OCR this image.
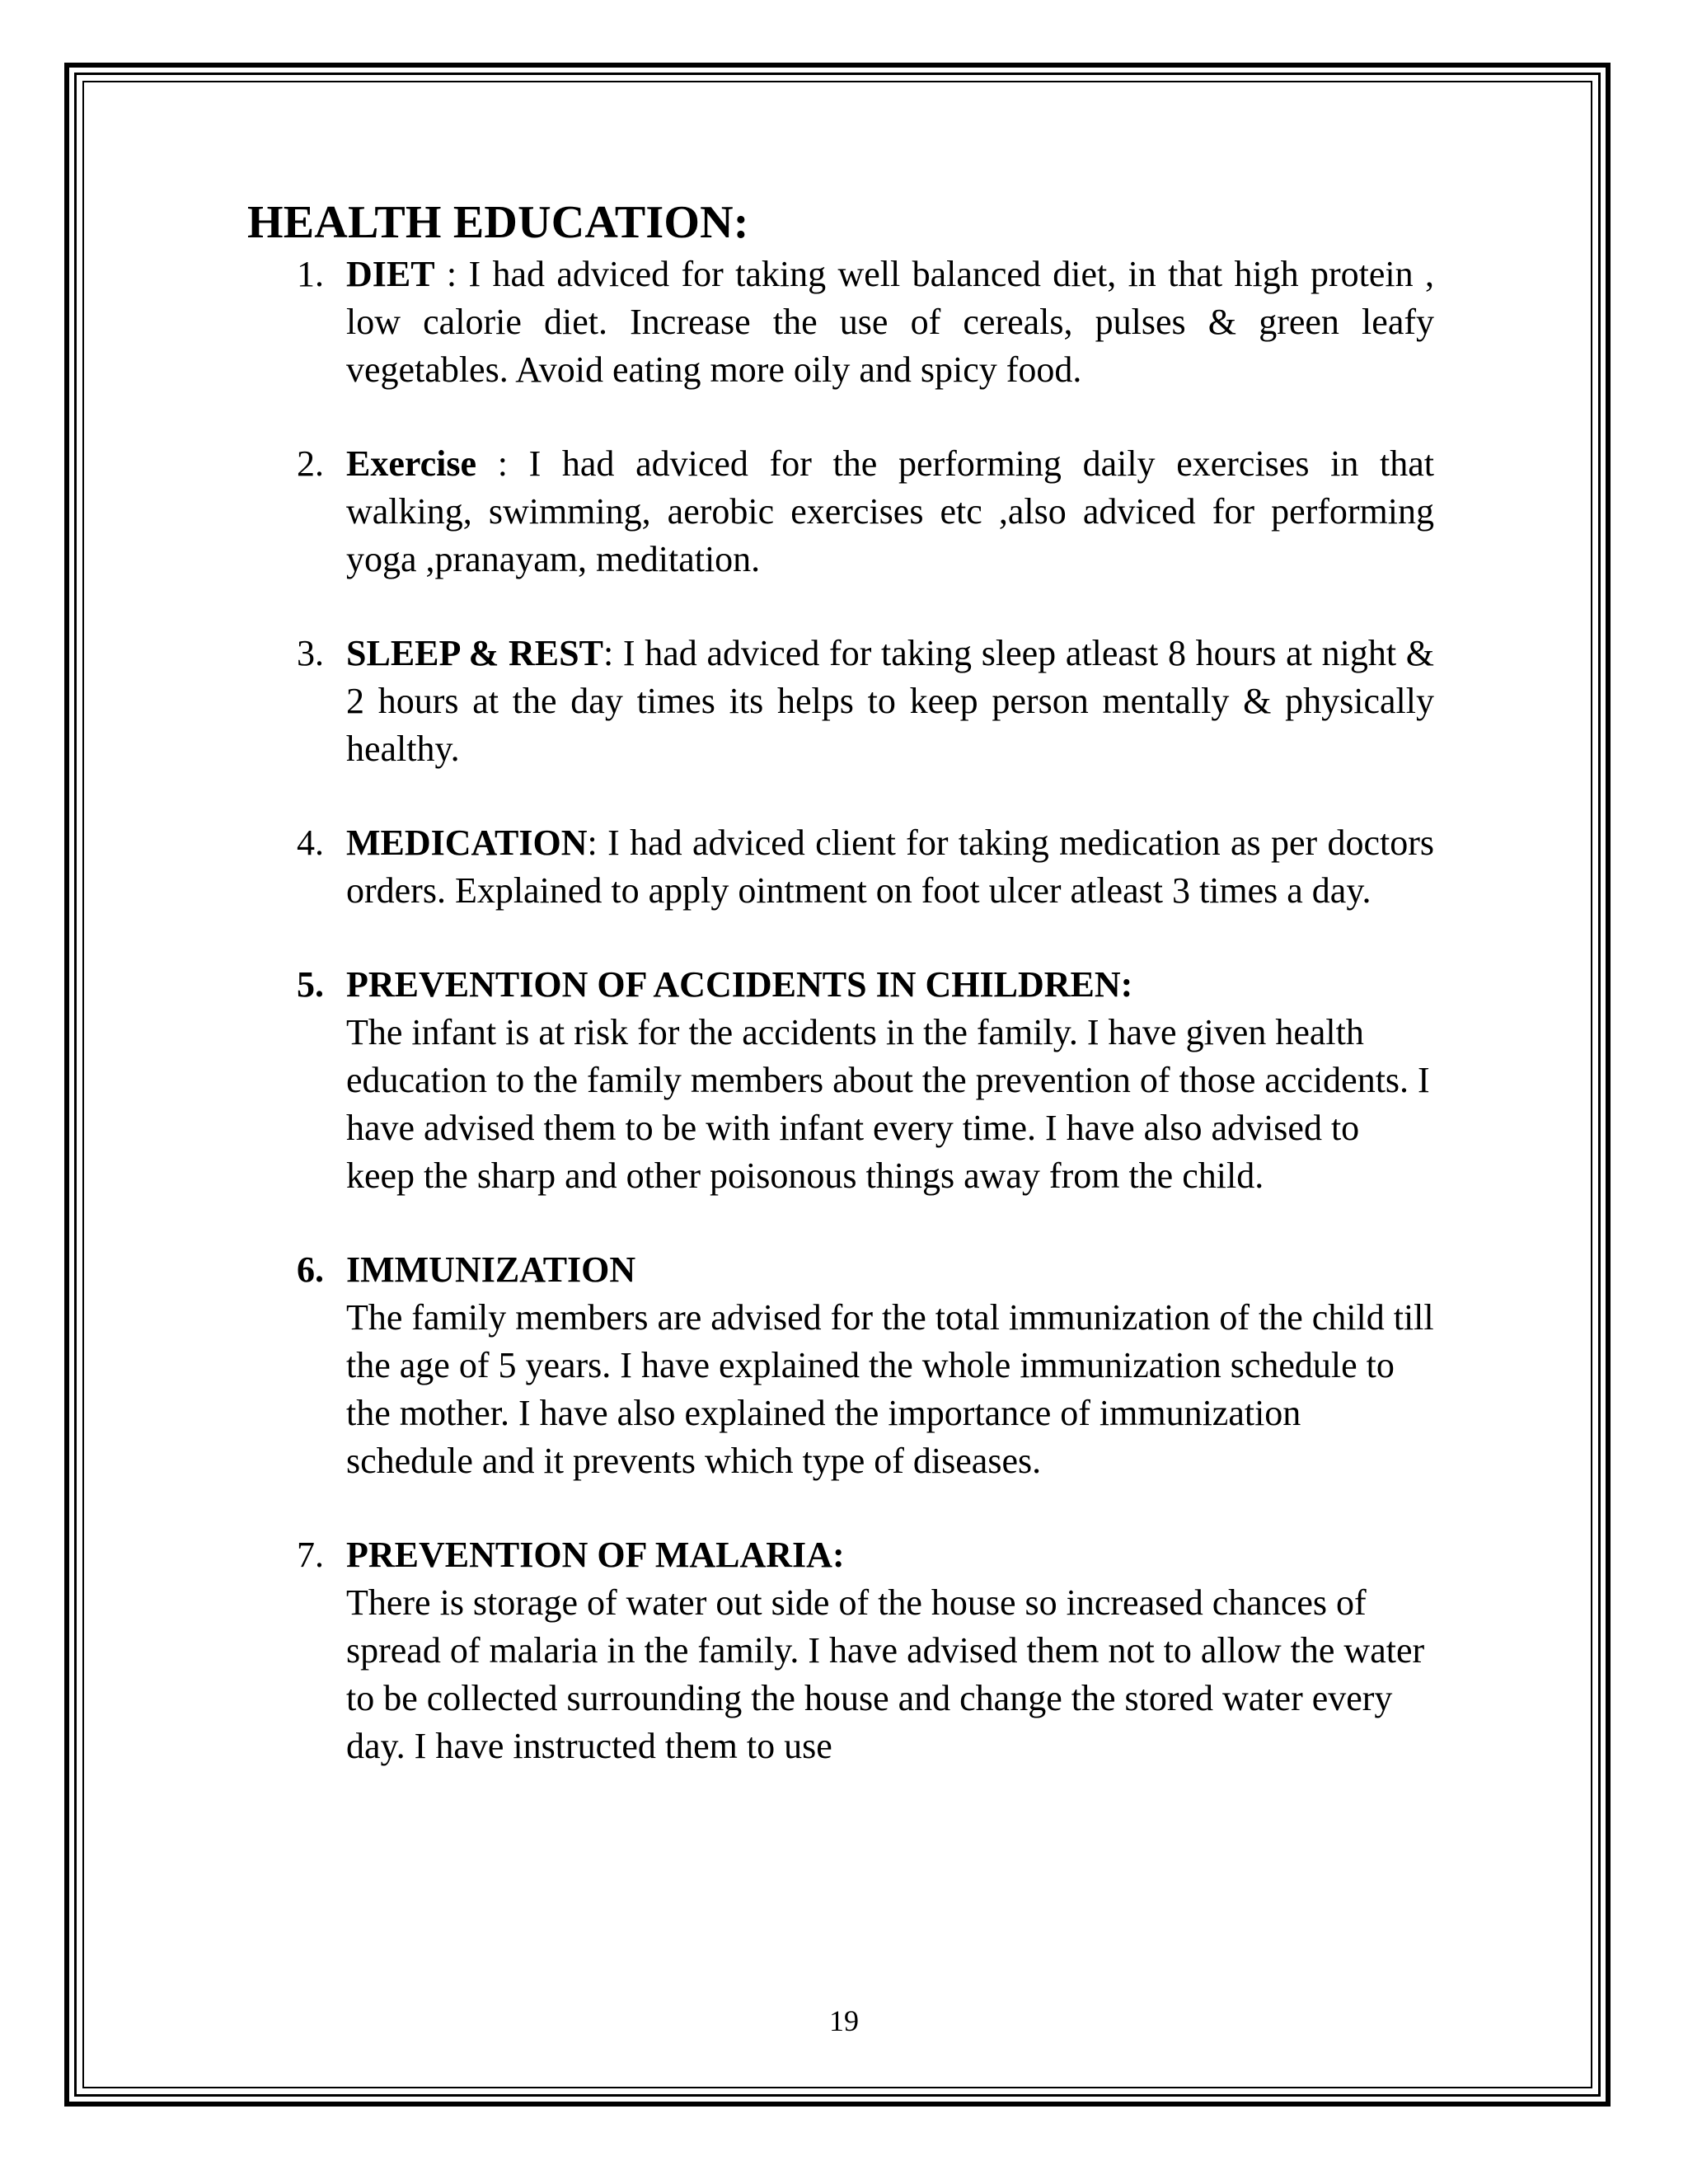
HEALTH EDUCATION:
1. DIET : I had adviced for taking well balanced diet, in that high protein , low calorie diet. Increase the use of cereals, pulses & green leafy vegetables. Avoid eating more oily and spicy food.

2. Exercise : I had adviced for the performing daily exercises in that walking, swimming, aerobic exercises etc ,also adviced for performing yoga ,pranayam, meditation.

3. SLEEP & REST: I had adviced for taking sleep atleast 8 hours at night & 2 hours at the day times its helps to keep person mentally & physically healthy.

4. MEDICATION: I had adviced client for taking medication as per doctors orders. Explained to apply ointment on foot ulcer atleast 3 times a day.

5. PREVENTION OF ACCIDENTS IN CHILDREN:

The infant is at risk for the accidents in the family. I have given health education to the family members about the prevention of those accidents. I have advised them to be with infant every time. I have also advised to keep the sharp and other poisonous things away from the child.

6. IMMUNIZATION

The family members are advised for the total immunization of the child till the age of 5 years. I have explained the whole immunization schedule to the mother. I have also explained the importance of immunization schedule and it prevents which type of diseases.

7. PREVENTION OF MALARIA:

There is storage of water out side of the house so increased chances of spread of malaria in the family. I have advised them not to allow the water to be collected surrounding the house and change the stored water every day. I have instructed them to use

19
